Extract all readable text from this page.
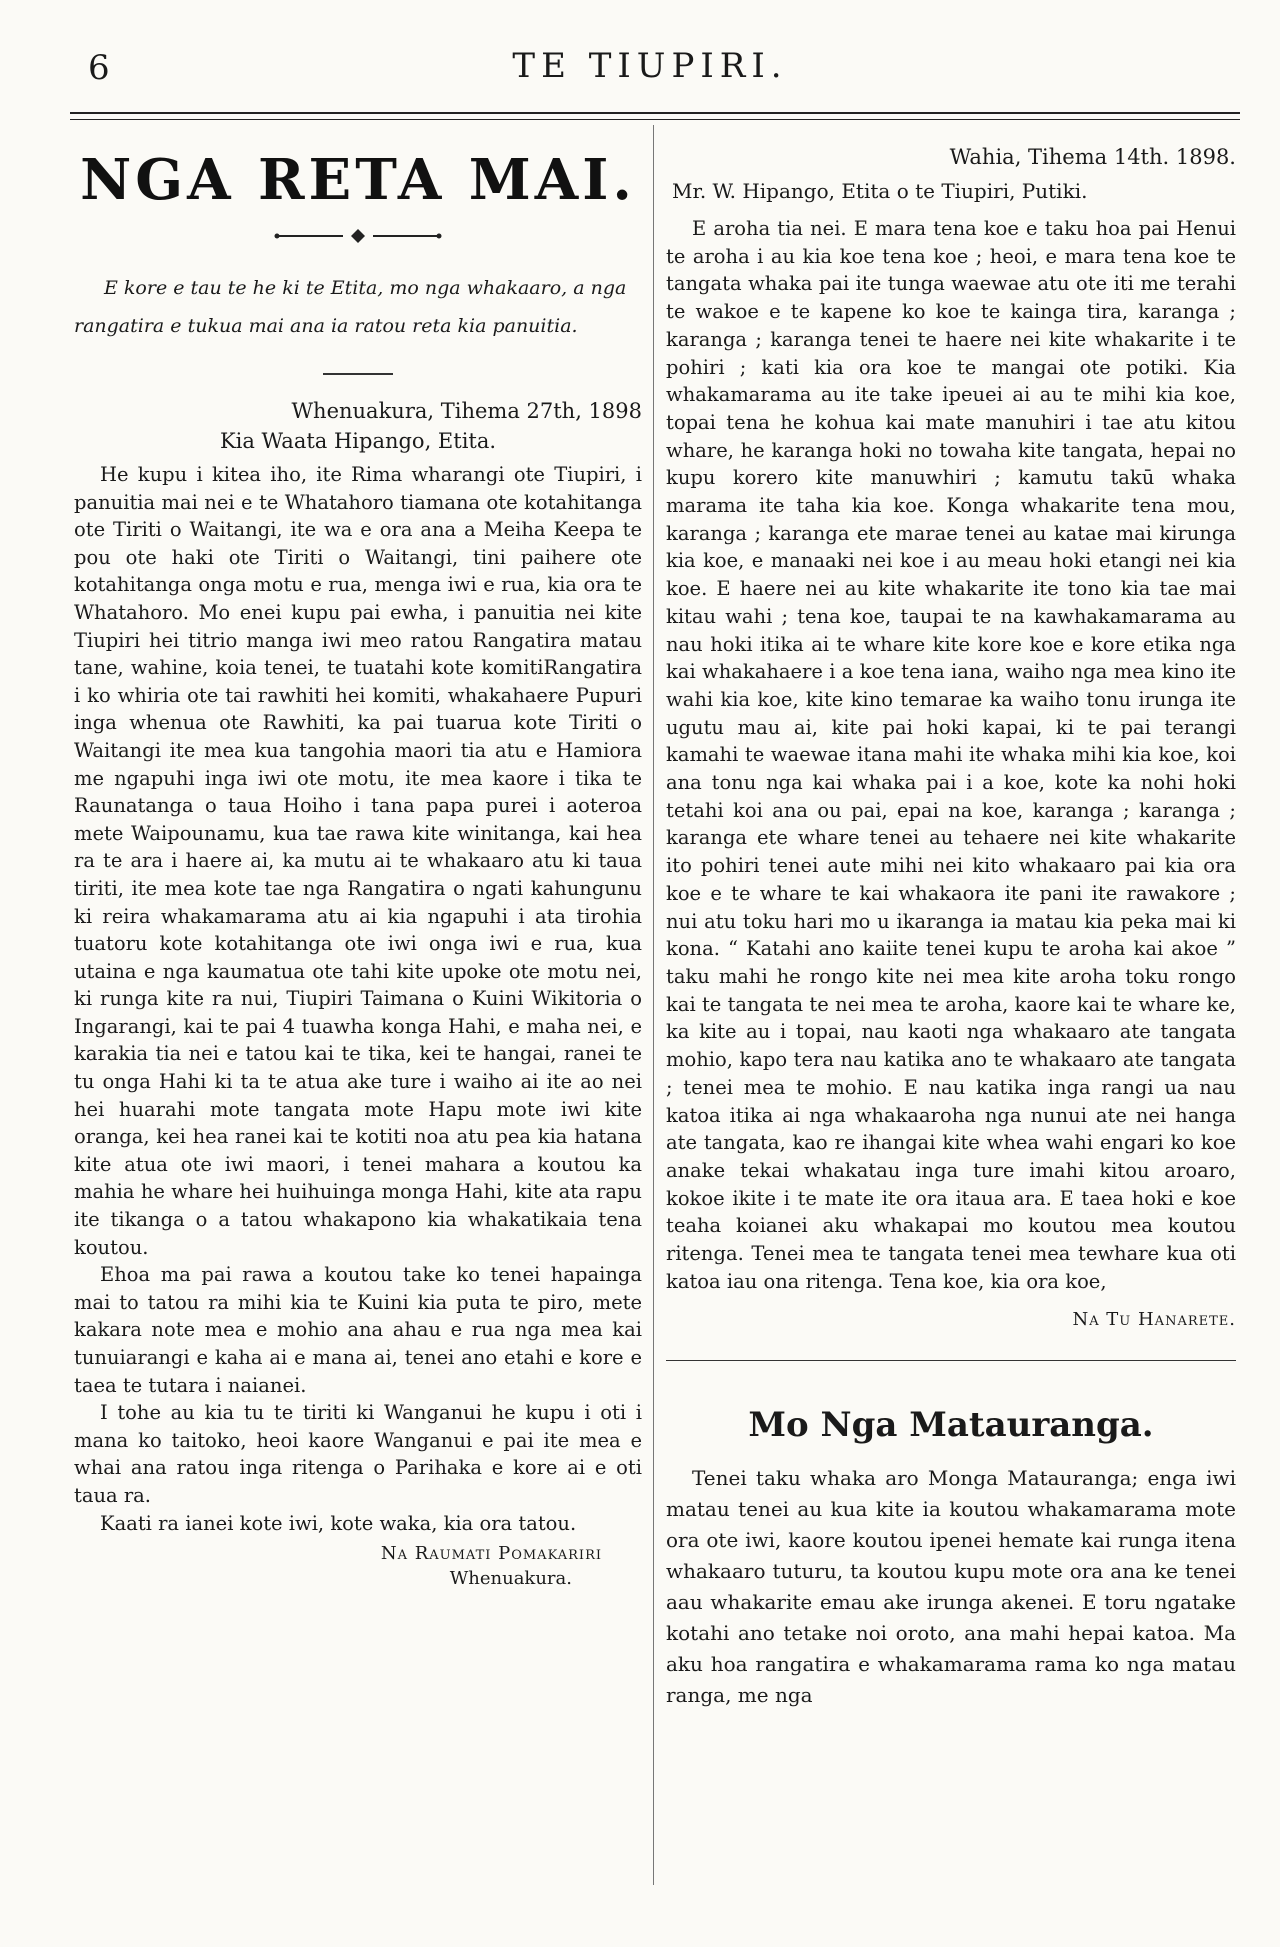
6	TE TIUPIRI.
NGA RETA MAI.

E kore e tau te he ki te Etita, mo nga whakaaro, a nga rangatira e tukua mai ana ia ratou reta kia panuitia.

Whenuakura, Tihema 27th, 1898

Kia Waata Hipango, Etita.

He kupu i kitea iho, ite Rima wharangi ote Tiupiri, i panuitia mai nei e te Whatahoro tiamana ote kotahitanga ote Tiriti o Waitangi, ite wa e ora ana a Meiha Keepa te pou ote haki ote Tiriti o Waitangi, tini paihere ote kotahitanga onga motu e rua, menga iwi e rua, kia ora te Whatahoro. Mo enei kupu pai ewha, i panuitia nei kite Tiupiri hei titrio manga iwi meo ratou Rangatira matau tane, wahine, koia tenei, te tuatahi kote komitiRangatira i ko whiria ote tai rawhiti hei komiti, whakahaere Pupuri inga whenua ote Rawhiti, ka pai tuarua kote Tiriti o Waitangi ite mea kua tangohia maori tia atu e Hamiora me ngapuhi inga iwi ote motu, ite mea kaore i tika te Raunatanga o taua Hoiho i tana papa purei i aoteroa mete Waipounamu, kua tae rawa kite winitanga, kai hea ra te ara i haere ai, ka mutu ai te whakaaro atu ki taua tiriti, ite mea kote tae nga Rangatira o ngati kahungunu ki reira whakamarama atu ai kia ngapuhi i ata tirohia tuatoru kote kotahitanga ote iwi onga iwi e rua, kua utaina e nga kaumatua ote tahi kite upoke ote motu nei, ki runga kite ra nui, Tiupiri Taimana o Kuini Wikitoria o Ingarangi, kai te pai 4 tuawha konga Hahi, e maha nei, e karakia tia nei e tatou kai te tika, kei te hangai, ranei te tu onga Hahi ki ta te atua ake ture i waiho ai ite ao nei hei huarahi mote tangata mote Hapu mote iwi kite oranga, kei hea ranei kai te kotiti noa atu pea kia hatana kite atua ote iwi maori, i tenei mahara a koutou ka mahia he whare hei huihuinga monga Hahi, kite ata rapu ite tikanga o a tatou whakapono kia whakatikaia tena koutou.

Ehoa ma pai rawa a koutou take ko tenei hapainga mai to tatou ra mihi kia te Kuini kia puta te piro, mete kakara note mea e mohio ana ahau e rua nga mea kai tunuiarangi e kaha ai e mana ai, tenei ano etahi e kore e taea te tutara i naianei.

I tohe au kia tu te tiriti ki Wanganui he kupu i oti i mana ko taitoko, heoi kaore Wanganui e pai ite mea e whai ana ratou inga ritenga o Parihaka e kore ai e oti taua ra.

Kaati ra ianei kote iwi, kote waka, kia ora tatou.

Na Raumati Pomakariri

Whenuakura.

Wahia, Tihema 14th. 1898.

Mr. W. Hipango, Etita o te Tiupiri, Putiki.

E aroha tia nei. E mara tena koe e taku hoa pai Henui te aroha i au kia koe tena koe ; heoi, e mara tena koe te tangata whaka pai ite tunga waewae atu ote iti me terahi te wakoe e te kapene ko koe te kainga tira, karanga ; karanga ; karanga tenei te haere nei kite whakarite i te pohiri ; kati kia ora koe te mangai ote potiki. Kia whakamarama au ite take ipeuei ai au te mihi kia koe, topai tena he kohua kai mate manuhiri i tae atu kitou whare, he karanga hoki no towaha kite tangata, hepai no kupu korero kite manuwhiri ; kamutu takū whaka marama ite taha kia koe. Konga whakarite tena mou, karanga ; karanga ete marae tenei au katae mai kirunga kia koe, e manaaki nei koe i au meau hoki etangi nei kia koe. E haere nei au kite whakarite ite tono kia tae mai kitau wahi ; tena koe, taupai te na kawhakamarama au nau hoki itika ai te whare kite kore koe e kore etika nga kai whakahaere i a koe tena iana, waiho nga mea kino ite wahi kia koe, kite kino temarae ka waiho tonu irunga ite ugutu mau ai, kite pai hoki kapai, ki te pai terangi kamahi te waewae itana mahi ite whaka mihi kia koe, koi ana tonu nga kai whaka pai i a koe, kote ka nohi hoki tetahi koi ana ou pai, epai na koe, karanga ; karanga ; karanga ete whare tenei au tehaere nei kite whakarite ito pohiri tenei aute mihi nei kito whakaaro pai kia ora koe e te whare te kai whakaora ite pani ite rawakore ; nui atu toku hari mo u ikaranga ia matau kia peka mai ki kona. “ Katahi ano kaiite tenei kupu te aroha kai akoe ” taku mahi he rongo kite nei mea kite aroha toku rongo kai te tangata te nei mea te aroha, kaore kai te whare ke, ka kite au i topai, nau kaoti nga whakaaro ate tangata mohio, kapo tera nau katika ano te whakaaro ate tangata ; tenei mea te mohio. E nau katika inga rangi ua nau katoa itika ai nga whakaaroha nga nunui ate nei hanga ate tangata, kao re ihangai kite whea wahi engari ko koe anake tekai whakatau inga ture imahi kitou aroaro, kokoe ikite i te mate ite ora itaua ara. E taea hoki e koe teaha koianei aku whakapai mo koutou mea koutou ritenga. Tenei mea te tangata tenei mea tewhare kua oti katoa iau ona ritenga. Tena koe, kia ora koe,

Na Tu Hanarete.

Mo Nga Matauranga.

Tenei taku whaka aro Monga Matauranga; enga iwi matau tenei au kua kite ia koutou whakamarama mote ora ote iwi, kaore koutou ipenei hemate kai runga itena whakaaro tuturu, ta koutou kupu mote ora ana ke tenei aau whakarite emau ake irunga akenei. E toru ngatake kotahi ano tetake noi oroto, ana mahi hepai katoa. Ma aku hoa rangatira e whakamarama rama ko nga matau ranga, me nga
